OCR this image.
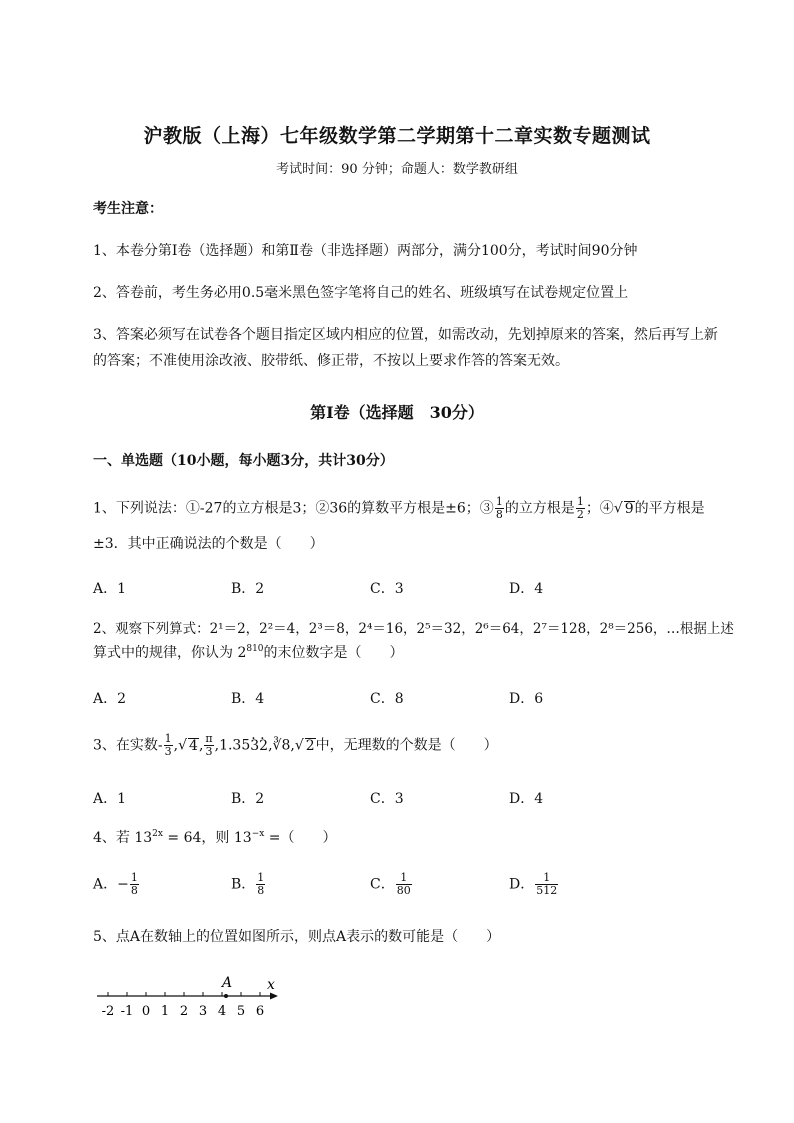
沪教版（上海）七年级数学第二学期第十二章实数专题测试
考试时间：90 分钟；命题人：数学教研组
考生注意：
1、本卷分第Ⅰ卷（选择题）和第Ⅱ卷（非选择题）两部分，满分100分，考试时间90分钟
2、答卷前，考生务必用0.5毫米黑色签字笔将自己的姓名、班级填写在试卷规定位置上
3、答案必须写在试卷各个题目指定区域内相应的位置，如需改动，先划掉原来的答案，然后再写上新
的答案；不准使用涂改液、胶带纸、修正带，不按以上要求作答的答案无效。
第Ⅰ卷（选择题　30分）
一、单选题（10小题，每小题3分，共计30分）
1、下列说法：①-27的立方根是3；②36的算数平方根是±6；③ $\frac{1}{8}$ 的立方根是 $\frac{1}{2}$ ；④√ 9的平方根是
±3．其中正确说法的个数是（　　）
A．1	B．2	C．3	D．4
2、观察下列算式：2¹＝2，2²＝4，2³＝8，2⁴＝16，2⁵＝32，2⁶＝64，2⁷＝128，2⁸＝256，…根据上述
算式中的规律，你认为 $2^{810}$的末位数字是（　　）
A．2	B．4	C．8	D．6
3、在实数- $\frac{1}{3}$ ,√ 4, $\frac{\pi}{3} ,1.35\cdot 3\cdot$ 2,∛8,√ 2中，无理数的个数是（　　）
A．1	B．2	C．3	D．4
4、若 $13^{2x} = 64$，则 $13^{-x}$ =（　　）
A．− $\frac{1}{8}$	B． $\frac{1}{8}$	C． $\frac{1}{80}$	D． $\frac{1}{512}$
5、点A在数轴上的位置如图所示，则点A表示的数可能是（　　）
-2 -1 0 1 2 3 4 5 6
A x
